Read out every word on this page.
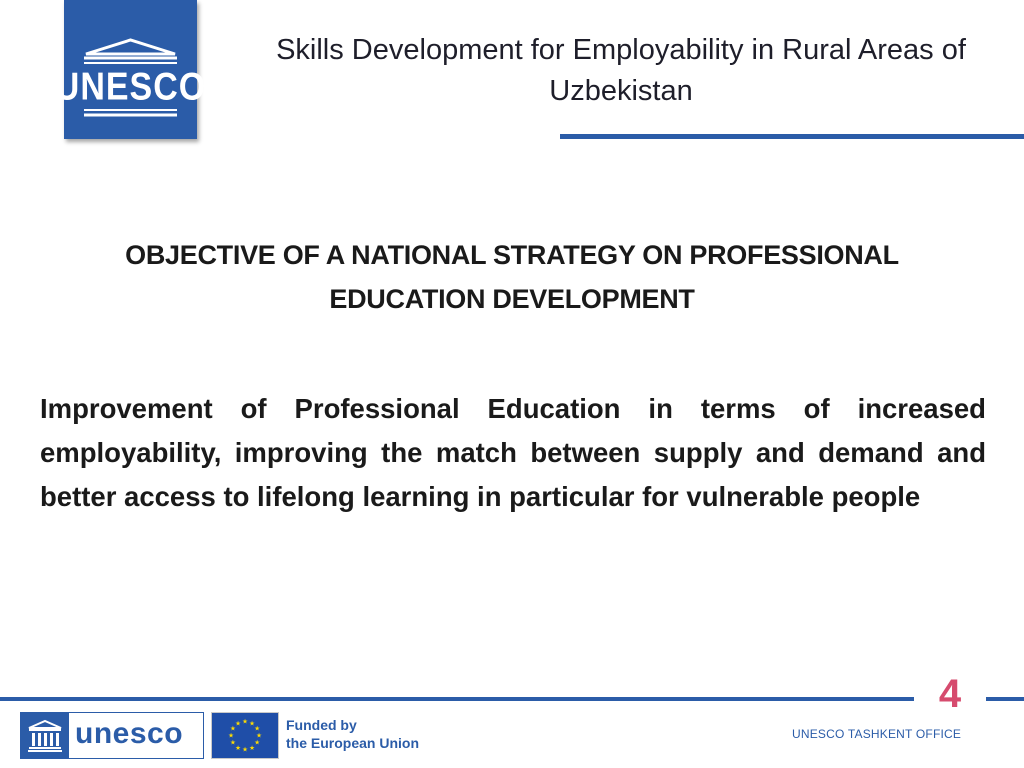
UNESCO
Skills Development for Employability in Rural Areas of Uzbekistan
OBJECTIVE OF A NATIONAL STRATEGY ON PROFESSIONAL EDUCATION DEVELOPMENT
Improvement of Professional Education in terms of increased employability, improving the match between supply and demand and better access to lifelong learning in particular for vulnerable people
4
UNESCO TASHKENT OFFICE
unesco	★ ★
★
★
★
★
★
★
★
★
★
★	Funded by
the European Union
